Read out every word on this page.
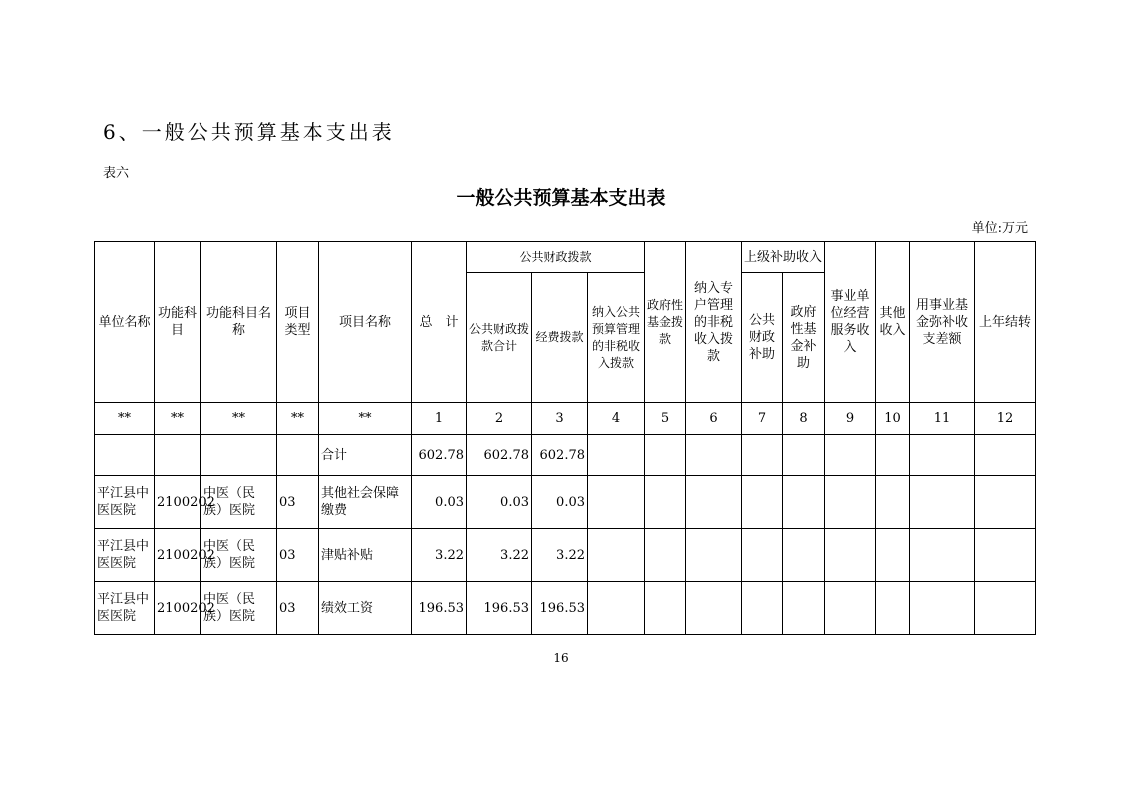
6、一般公共预算基本支出表
表六
一般公共预算基本支出表
单位:万元
单位名称	功能科目	功能科目名称	项目类型	项目名称	总　计	公共财政拨款			政府性基金拨款	纳入专户管理的非税收入拨款	上级补助收入		事业单位经营服务收入	其他收入	用事业基金弥补收支差额	上年结转
						公共财政拨款合计	经费拨款	纳入公共预算管理的非税收入拨款			公共财政补助	政府性基金补助				
**	**	**	**	**	1	2	3	4	5	6	7	8	9	10	11	12
				合计	602.78	602.78	602.78									
平江县中医医院	2100202	中医（民族）医院	03	其他社会保障缴费	0.03	0.03	0.03									
平江县中医医院	2100202	中医（民族）医院	03	津贴补贴	3.22	3.22	3.22									
平江县中医医院	2100202	中医（民族）医院	03	绩效工资	196.53	196.53	196.53									
16
